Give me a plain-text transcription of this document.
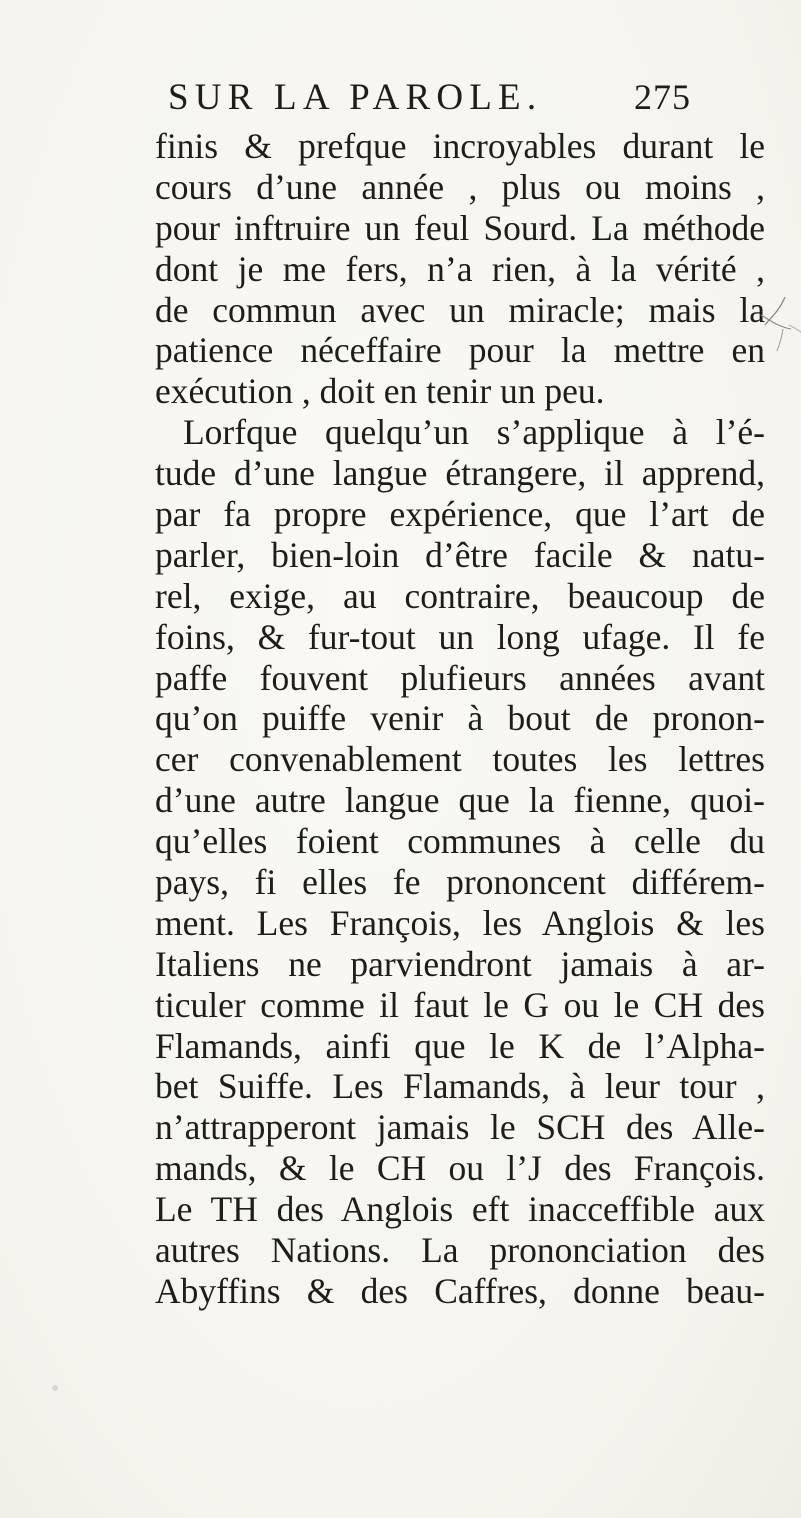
SUR LA PAROLE.	275
finis & prefque incroyables durant le
cours d’une année , plus ou moins ,
pour inftruire un feul Sourd. La méthode
dont je me fers, n’a rien, à la vérité ,
de commun avec un miracle; mais la
patience néceffaire pour la mettre en
exécution , doit en tenir un peu.
Lorfque quelqu’un s’applique à l’é-
tude d’une langue étrangere, il apprend,
par fa propre expérience, que l’art de
parler, bien-loin d’être facile & natu-
rel, exige, au contraire, beaucoup de
foins, & fur-tout un long ufage. Il fe
paffe fouvent plufieurs années avant
qu’on puiffe venir à bout de pronon-
cer convenablement toutes les lettres
d’une autre langue que la fienne, quoi-
qu’elles foient communes à celle du
pays, fi elles fe prononcent différem-
ment. Les François, les Anglois & les
Italiens ne parviendront jamais à ar-
ticuler comme il faut le G ou le CH des
Flamands, ainfi que le K de l’Alpha-
bet Suiffe. Les Flamands, à leur tour ,
n’attrapperont jamais le SCH des Alle-
mands, & le CH ou l’J des François.
Le TH des Anglois eft inacceffible aux
autres Nations. La prononciation des
Abyffins & des Caffres, donne beau-
